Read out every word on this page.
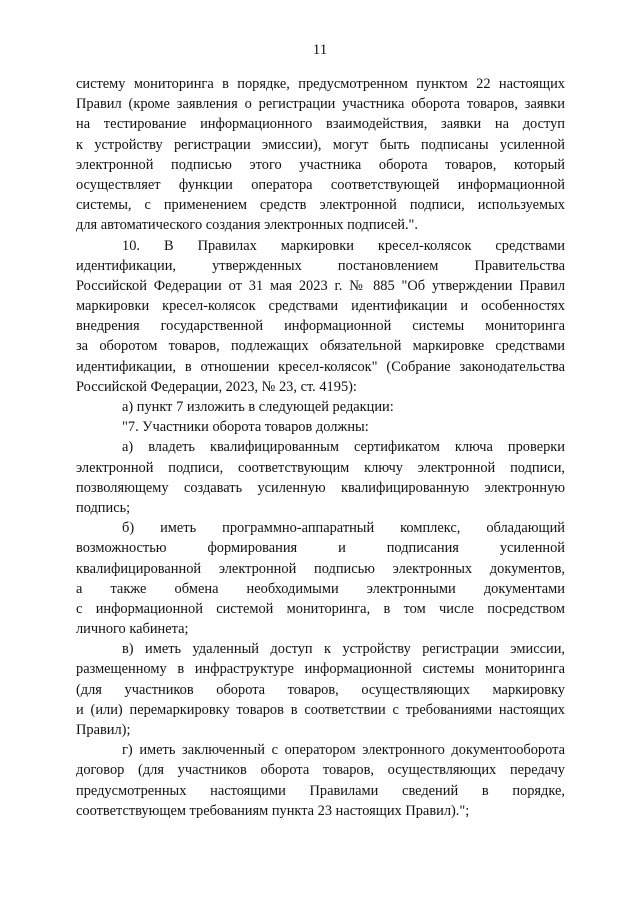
11
систему мониторинга в порядке, предусмотренном пунктом 22 настоящих
Правил (кроме заявления о регистрации участника оборота товаров, заявки
на тестирование информационного взаимодействия, заявки на доступ
к устройству регистрации эмиссии), могут быть подписаны усиленной
электронной подписью этого участника оборота товаров, который
осуществляет функции оператора соответствующей информационной
системы, с применением средств электронной подписи, используемых
для автоматического создания электронных подписей.".
10. В Правилах маркировки кресел-колясок средствами
идентификации, утвержденных постановлением Правительства
Российской Федерации от 31 мая 2023 г. № 885 "Об утверждении Правил
маркировки кресел-колясок средствами идентификации и особенностях
внедрения государственной информационной системы мониторинга
за оборотом товаров, подлежащих обязательной маркировке средствами
идентификации, в отношении кресел-колясок" (Собрание законодательства
Российской Федерации, 2023, № 23, ст. 4195):
а) пункт 7 изложить в следующей редакции:
"7. Участники оборота товаров должны:
а) владеть квалифицированным сертификатом ключа проверки
электронной подписи, соответствующим ключу электронной подписи,
позволяющему создавать усиленную квалифицированную электронную
подпись;
б) иметь программно-аппаратный комплекс, обладающий
возможностью формирования и подписания усиленной
квалифицированной электронной подписью электронных документов,
а также обмена необходимыми электронными документами
с информационной системой мониторинга, в том числе посредством
личного кабинета;
в) иметь удаленный доступ к устройству регистрации эмиссии,
размещенному в инфраструктуре информационной системы мониторинга
(для участников оборота товаров, осуществляющих маркировку
и (или) перемаркировку товаров в соответствии с требованиями настоящих
Правил);
г) иметь заключенный с оператором электронного документооборота
договор (для участников оборота товаров, осуществляющих передачу
предусмотренных настоящими Правилами сведений в порядке,
соответствующем требованиям пункта 23 настоящих Правил).";
